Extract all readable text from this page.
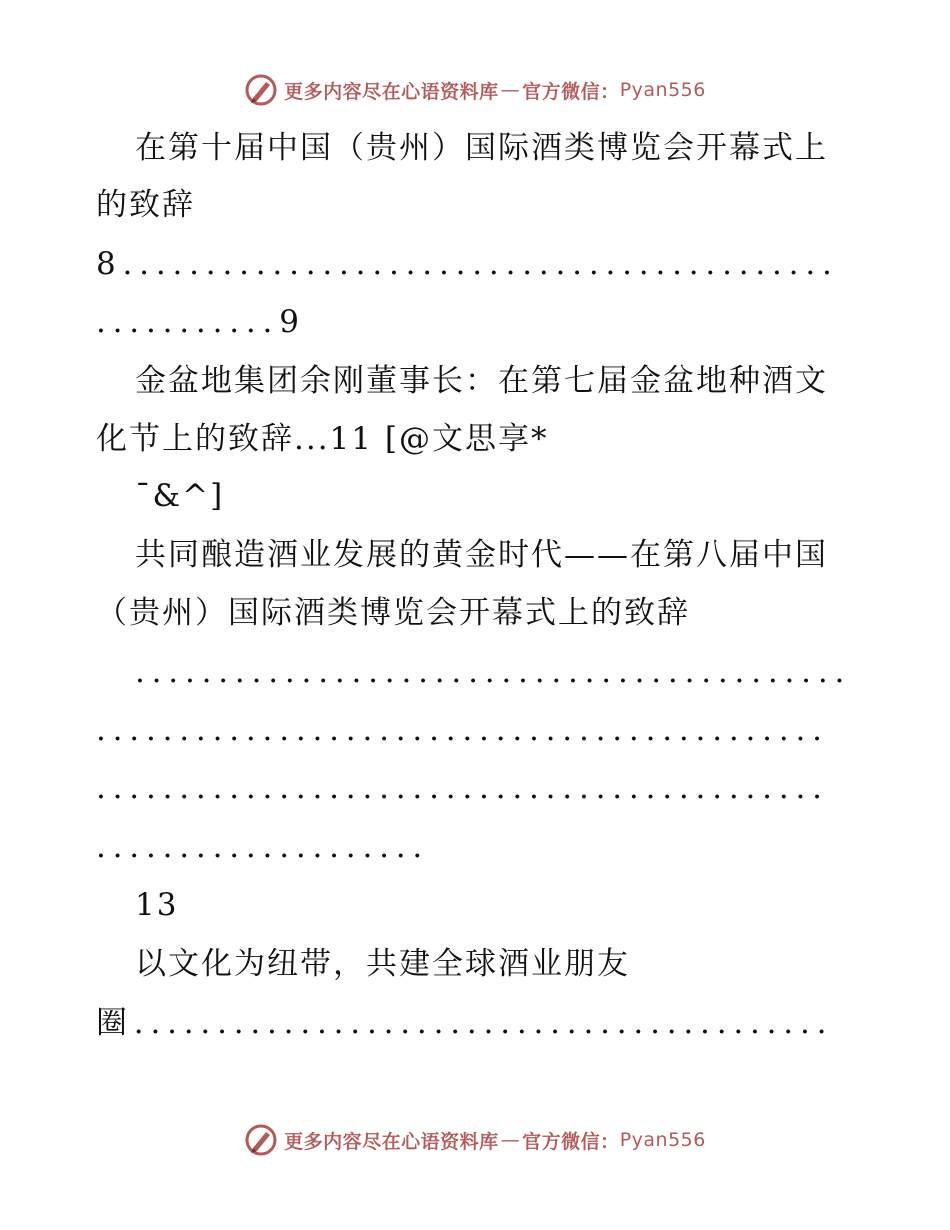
更多内容尽在心语资料库 — 官方微信： Pyan556
在第十届中国（贵州）国际酒类博览会开幕式上
的致辞
8...........................................
...........9
金盆地集团余刚董事长：在第七届金盆地种酒文
化节上的致辞...11 [@文思享*
¯&^]
共同酿造酒业发展的黄金时代——在第八届中国
（贵州）国际酒类博览会开幕式上的致辞
...........................................
............................................
............................................
....................
13
以文化为纽带，共建全球酒业朋友
圈..........................................
更多内容尽在心语资料库 — 官方微信： Pyan556
